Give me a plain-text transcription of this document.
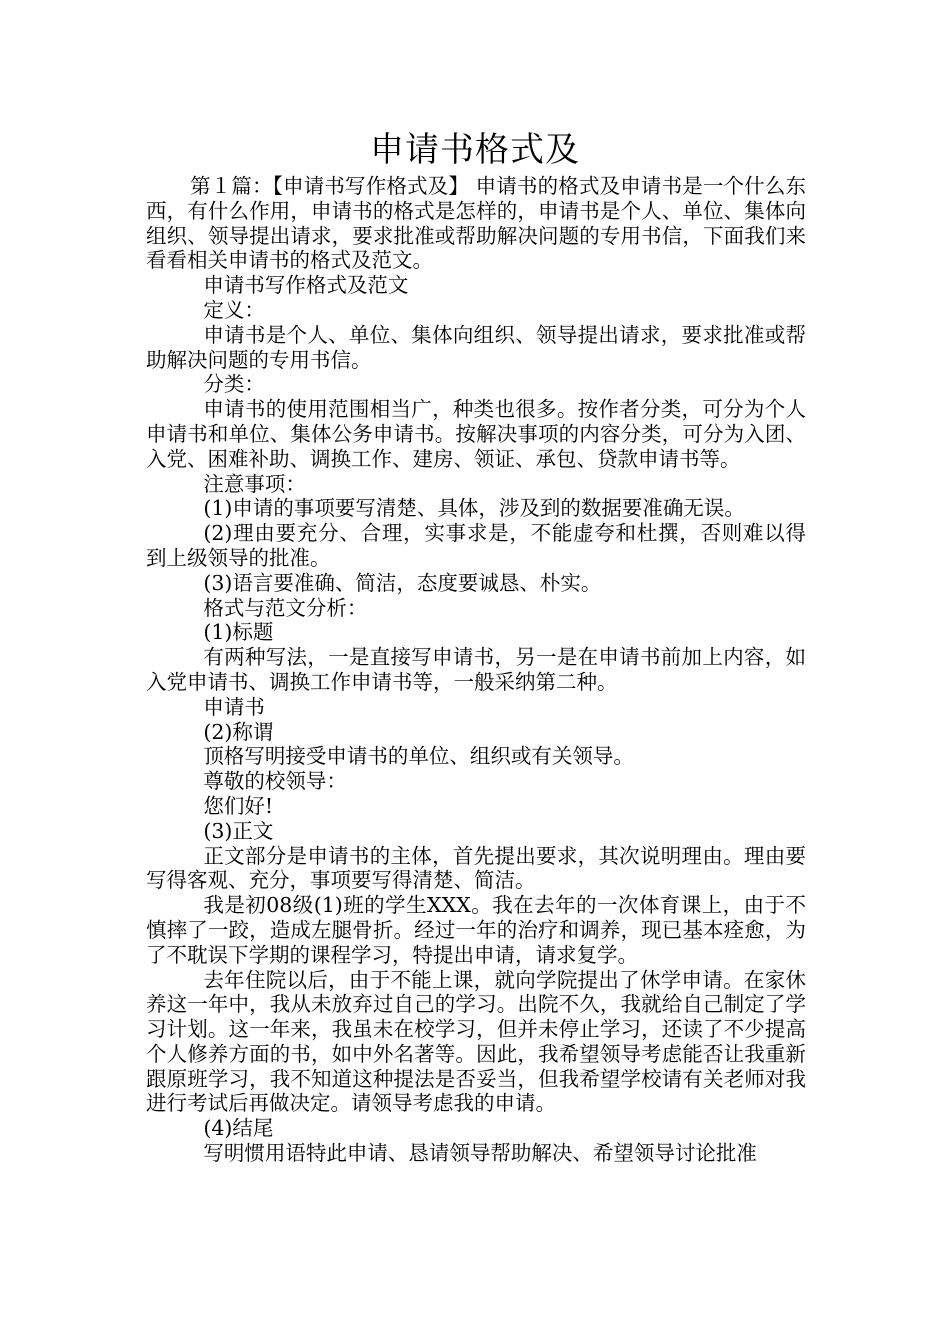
申请书格式及

第１篇：【申请书写作格式及】 申请书的格式及申请书是一个什么东西，有什么作用，申请书的格式是怎样的，申请书是个人、单位、集体向组织、领导提出请求，要求批准或帮助解决问题的专用书信，下面我们来看看相关申请书的格式及范文。

申请书写作格式及范文

定义：

申请书是个人、单位、集体向组织、领导提出请求，要求批准或帮助解决问题的专用书信。

分类：

申请书的使用范围相当广，种类也很多。按作者分类，可分为个人申请书和单位、集体公务申请书。按解决事项的内容分类，可分为入团、入党、困难补助、调换工作、建房、领证、承包、贷款申请书等。

注意事项：

(1)申请的事项要写清楚、具体，涉及到的数据要准确无误。

(2)理由要充分、合理，实事求是，不能虚夸和杜撰，否则难以得到上级领导的批准。

(3)语言要准确、简洁，态度要诚恳、朴实。

格式与范文分析：

(1)标题

有两种写法，一是直接写申请书，另一是在申请书前加上内容，如入党申请书、调换工作申请书等，一般采纳第二种。

申请书

(2)称谓

顶格写明接受申请书的单位、组织或有关领导。

尊敬的校领导：

您们好!

(3)正文

正文部分是申请书的主体，首先提出要求，其次说明理由。理由要写得客观、充分，事项要写得清楚、简洁。

我是初08级(1)班的学生XXX。我在去年的一次体育课上，由于不慎摔了一跤，造成左腿骨折。经过一年的治疗和调养，现已基本痊愈，为了不耽误下学期的课程学习，特提出申请，请求复学。

去年住院以后，由于不能上课，就向学院提出了休学申请。在家休养这一年中，我从未放弃过自己的学习。出院不久，我就给自己制定了学习计划。这一年来，我虽未在校学习，但并未停止学习，还读了不少提高个人修养方面的书，如中外名著等。因此，我希望领导考虑能否让我重新跟原班学习，我不知道这种提法是否妥当，但我希望学校请有关老师对我进行考试后再做决定。请领导考虑我的申请。

(4)结尾

写明惯用语特此申请、恳请领导帮助解决、希望领导讨论批准
